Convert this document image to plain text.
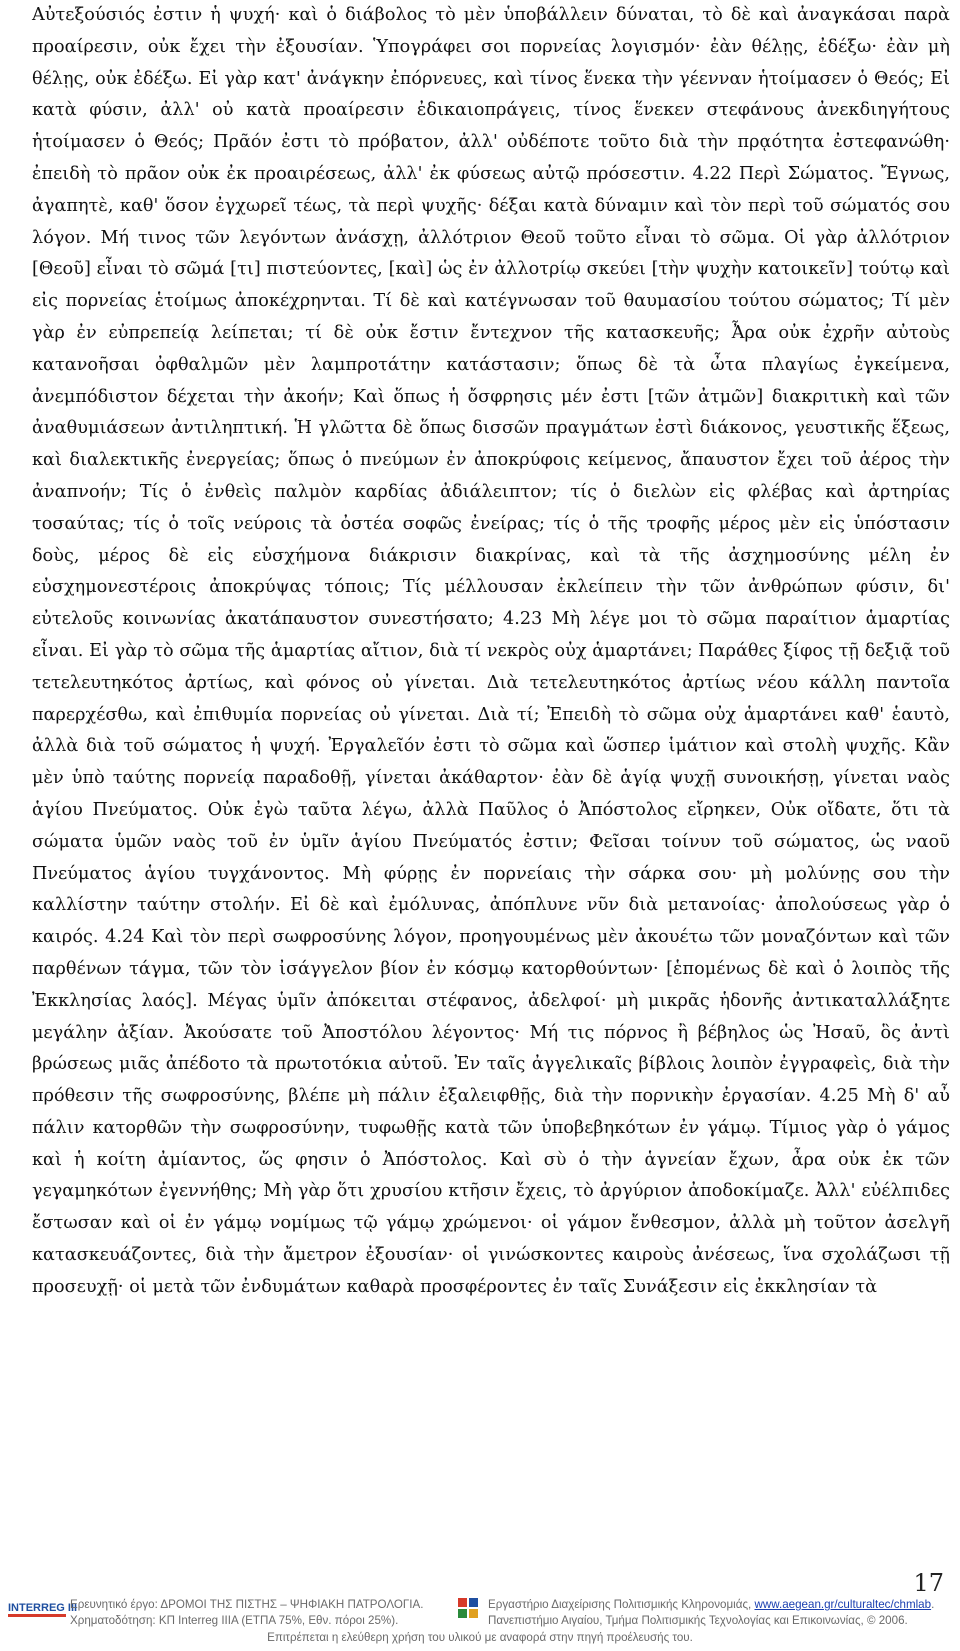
Αὐτεξούσιός ἐστιν ἡ ψυχή· καὶ ὁ διάβολος τὸ μὲν ὑποβάλλειν δύναται, τὸ δὲ καὶ ἀναγκάσαι παρὰ προαίρεσιν, οὐκ ἔχει τὴν ἐξουσίαν. Ὑπογράφει σοι πορνείας λογισμόν· ἐὰν θέλῃς, ἐδέξω· ἐὰν μὴ θέλῃς, οὐκ ἐδέξω. Εἰ γὰρ κατ' ἀνάγκην ἐπόρνευες, καὶ τίνος ἕνεκα τὴν γέενναν ἡτοίμασεν ὁ Θεός; Εἰ κατὰ φύσιν, ἀλλ' οὐ κατὰ προαίρεσιν ἐδικαιοπράγεις, τίνος ἕνεκεν στεφάνους ἀνεκδιηγήτους ἡτοίμασεν ὁ Θεός; Πρᾶόν ἐστι τὸ πρόβατον, ἀλλ' οὐδέποτε τοῦτο διὰ τὴν πρᾳότητα ἐστεφανώθη· ἐπειδὴ τὸ πρᾶον οὐκ ἐκ προαιρέσεως, ἀλλ' ἐκ φύσεως αὐτῷ πρόσεστιν. 4.22 Περὶ Σώματος. Ἔγνως, ἀγαπητὲ, καθ' ὅσον ἐγχωρεῖ τέως, τὰ περὶ ψυχῆς· δέξαι κατὰ δύναμιν καὶ τὸν περὶ τοῦ σώματός σου λόγον. Μή τινος τῶν λεγόντων ἀνάσχῃ, ἀλλότριον Θεοῦ τοῦτο εἶναι τὸ σῶμα. Οἱ γὰρ ἀλλότριον [Θεοῦ] εἶναι τὸ σῶμά [τι] πιστεύοντες, [καὶ] ὡς ἐν ἀλλοτρίῳ σκεύει [τὴν ψυχὴν κατοικεῖν] τούτῳ καὶ εἰς πορνείας ἑτοίμως ἀποκέχρηνται. Τί δὲ καὶ κατέγνωσαν τοῦ θαυμασίου τούτου σώματος; Τί μὲν γὰρ ἐν εὐπρεπείᾳ λείπεται; τί δὲ οὐκ ἔστιν ἔντεχνον τῆς κατασκευῆς; Ἆρα οὐκ ἐχρῆν αὐτοὺς κατανοῆσαι ὀφθαλμῶν μὲν λαμπροτάτην κατάστασιν; ὅπως δὲ τὰ ὦτα πλαγίως ἐγκείμενα, ἀνεμπόδιστον δέχεται τὴν ἀκοήν; Καὶ ὅπως ἡ ὄσφρησις μέν ἐστι [τῶν ἀτμῶν] διακριτικὴ καὶ τῶν ἀναθυμιάσεων ἀντιληπτική. Ἡ γλῶττα δὲ ὅπως δισσῶν πραγμάτων ἐστὶ διάκονος, γευστικῆς ἕξεως, καὶ διαλεκτικῆς ἐνεργείας; ὅπως ὁ πνεύμων ἐν ἀποκρύφοις κείμενος, ἄπαυστον ἔχει τοῦ ἀέρος τὴν ἀναπνοήν; Τίς ὁ ἐνθεὶς παλμὸν καρδίας ἀδιάλειπτον; τίς ὁ διελὼν εἰς φλέβας καὶ ἀρτηρίας τοσαύτας; τίς ὁ τοῖς νεύροις τὰ ὀστέα σοφῶς ἐνείρας; τίς ὁ τῆς τροφῆς μέρος μὲν εἰς ὑπόστασιν δοὺς, μέρος δὲ εἰς εὐσχήμονα διάκρισιν διακρίνας, καὶ τὰ τῆς ἀσχημοσύνης μέλη ἐν εὐσχημονεστέροις ἀποκρύψας τόποις; Τίς μέλλουσαν ἐκλείπειν τὴν τῶν ἀνθρώπων φύσιν, δι' εὐτελοῦς κοινωνίας ἀκατάπαυστον συνεστήσατο; 4.23 Μὴ λέγε μοι τὸ σῶμα παραίτιον ἁμαρτίας εἶναι. Εἰ γὰρ τὸ σῶμα τῆς ἁμαρτίας αἴτιον, διὰ τί νεκρὸς οὐχ ἁμαρτάνει; Παράθες ξίφος τῇ δεξιᾷ τοῦ τετελευτηκότος ἀρτίως, καὶ φόνος οὐ γίνεται. Διὰ τετελευτηκότος ἀρτίως νέου κάλλη παντοῖα παρερχέσθω, καὶ ἐπιθυμία πορνείας οὐ γίνεται. Διὰ τί; Ἐπειδὴ τὸ σῶμα οὐχ ἁμαρτάνει καθ' ἑαυτὸ, ἀλλὰ διὰ τοῦ σώματος ἡ ψυχή. Ἐργαλεῖόν ἐστι τὸ σῶμα καὶ ὥσπερ ἱμάτιον καὶ στολὴ ψυχῆς. Κἂν μὲν ὑπὸ ταύτης πορνείᾳ παραδοθῇ, γίνεται ἀκάθαρτον· ἐὰν δὲ ἁγίᾳ ψυχῇ συνοικήσῃ, γίνεται ναὸς ἁγίου Πνεύματος. Οὐκ ἐγὼ ταῦτα λέγω, ἀλλὰ Παῦλος ὁ Ἀπόστολος εἴρηκεν, Οὐκ οἴδατε, ὅτι τὰ σώματα ὑμῶν ναὸς τοῦ ἐν ὑμῖν ἁγίου Πνεύματός ἐστιν; Φεῖσαι τοίνυν τοῦ σώματος, ὡς ναοῦ Πνεύματος ἁγίου τυγχάνοντος. Μὴ φύρῃς ἐν πορνείαις τὴν σάρκα σου· μὴ μολύνῃς σου τὴν καλλίστην ταύτην στολήν. Εἰ δὲ καὶ ἐμόλυνας, ἀπόπλυνε νῦν διὰ μετανοίας· ἀπολούσεως γὰρ ὁ καιρός. 4.24 Καὶ τὸν περὶ σωφροσύνης λόγον, προηγουμένως μὲν ἀκουέτω τῶν μοναζόντων καὶ τῶν παρθένων τάγμα, τῶν τὸν ἰσάγγελον βίον ἐν κόσμῳ κατορθούντων· [ἑπομένως δὲ καὶ ὁ λοιπὸς τῆς Ἐκκλησίας λαός]. Μέγας ὑμῖν ἀπόκειται στέφανος, ἀδελφοί· μὴ μικρᾶς ἡδονῆς ἀντικαταλλάξητε μεγάλην ἀξίαν. Ἀκούσατε τοῦ Ἀποστόλου λέγοντος· Μή τις πόρνος ἢ βέβηλος ὡς Ἠσαῦ, ὃς ἀντὶ βρώσεως μιᾶς ἀπέδοτο τὰ πρωτοτόκια αὐτοῦ. Ἐν ταῖς ἀγγελικαῖς βίβλοις λοιπὸν ἐγγραφεὶς, διὰ τὴν πρόθεσιν τῆς σωφροσύνης, βλέπε μὴ πάλιν ἐξαλειφθῇς, διὰ τὴν πορνικὴν ἐργασίαν. 4.25 Μὴ δ' αὖ πάλιν κατορθῶν τὴν σωφροσύνην, τυφωθῇς κατὰ τῶν ὑποβεβηκότων ἐν γάμῳ. Τίμιος γὰρ ὁ γάμος καὶ ἡ κοίτη ἀμίαντος, ὥς φησιν ὁ Ἀπόστολος. Καὶ σὺ ὁ τὴν ἁγνείαν ἔχων, ἆρα οὐκ ἐκ τῶν γεγαμηκότων ἐγεννήθης; Μὴ γὰρ ὅτι χρυσίου κτῆσιν ἔχεις, τὸ ἀργύριον ἀποδοκίμαζε. Ἀλλ' εὐέλπιδες ἔστωσαν καὶ οἱ ἐν γάμῳ νομίμως τῷ γάμῳ χρώμενοι· οἱ γάμον ἔνθεσμον, ἀλλὰ μὴ τοῦτον ἀσελγῆ κατασκευάζοντες, διὰ τὴν ἄμετρον ἐξουσίαν· οἱ γινώσκοντες καιροὺς ἀνέσεως, ἵνα σχολάζωσι τῇ προσευχῇ· οἱ μετὰ τῶν ἐνδυμάτων καθαρὰ προσφέροντες ἐν ταῖς Συνάξεσιν εἰς ἐκκλησίαν τὰ

17
INTERREG III
Ερευνητικό έργο: ΔΡΟΜΟΙ ΤΗΣ ΠΙΣΤΗΣ – ΨΗΦΙΑΚΗ ΠΑΤΡΟΛΟΓΙΑ.
Χρηματοδότηση: ΚΠ Interreg IIIA (ΕΤΠΑ 75%, Εθν. πόροι 25%).
Εργαστήριο Διαχείρισης Πολιτισμικής Κληρονομιάς, www.aegean.gr/culturaltec/chmlab.
Πανεπιστήμιο Αιγαίου, Τμήμα Πολιτισμικής Τεχνολογίας και Επικοινωνίας, © 2006.
Επιτρέπεται η ελεύθερη χρήση του υλικού με αναφορά στην πηγή προέλευσής του.
